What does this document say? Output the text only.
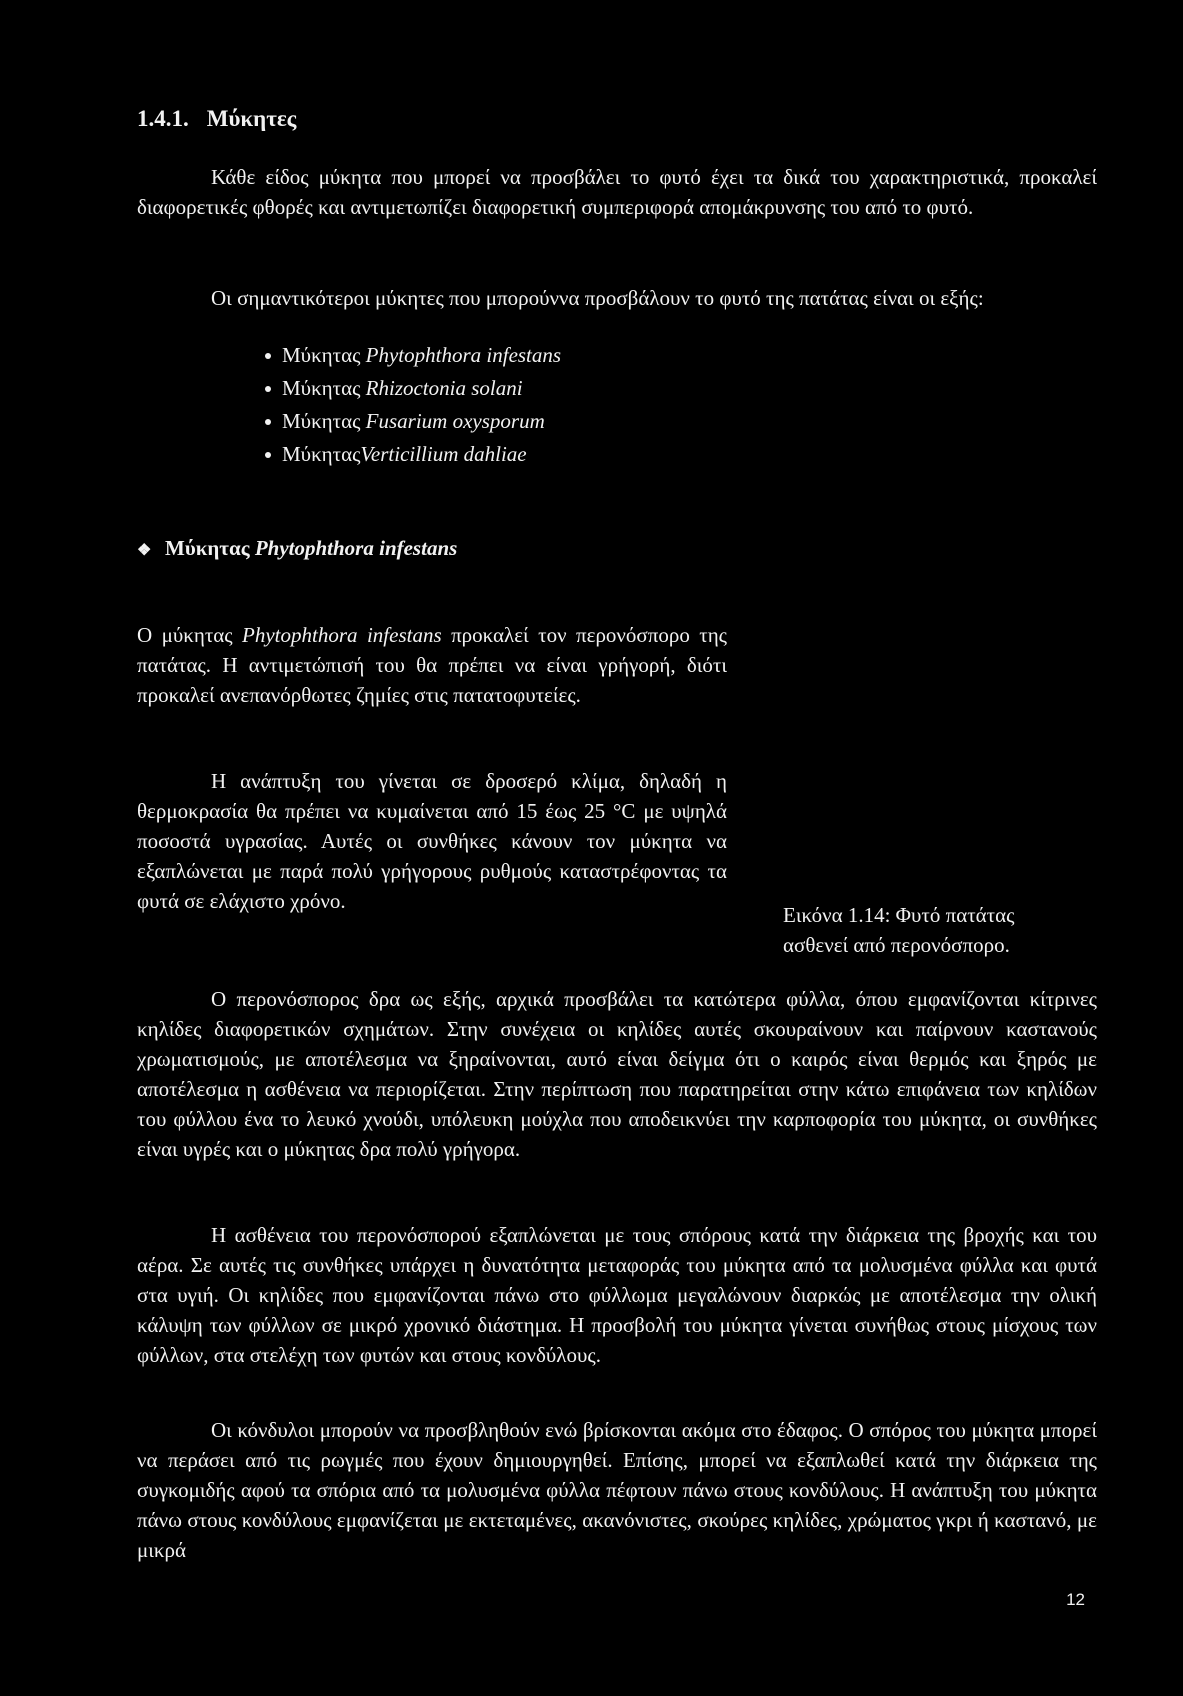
1.4.1. Μύκητες

Κάθε είδος μύκητα που μπορεί να προσβάλει το φυτό έχει τα δικά του χαρακτηριστικά, προκαλεί διαφορετικές φθορές και αντιμετωπίζει διαφορετική συμπεριφορά απομάκρυνσης του από το φυτό.

Οι σημαντικότεροι μύκητες που μπορούννα προσβάλουν το φυτό της πατάτας είναι οι εξής:

Μύκητας Phytophthora infestans
Μύκητας Rhizoctonia solani
Μύκητας Fusarium oxysporum
ΜύκηταςVerticillium dahliae
❖ Μύκητας Phytophthora infestans

Ο μύκητας Phytophthora infestans προκαλεί τον περονόσπορο της πατάτας. Η αντιμετώπισή του θα πρέπει να είναι γρήγορή, διότι προκαλεί ανεπανόρθωτες ζημίες στις πατατοφυτείες.

Η ανάπτυξη του γίνεται σε δροσερό κλίμα, δηλαδή η θερμοκρασία θα πρέπει να κυμαίνεται από 15 έως 25 °C με υψηλά ποσοστά υγρασίας. Αυτές οι συνθήκες κάνουν τον μύκητα να εξαπλώνεται με παρά πολύ γρήγορους ρυθμούς καταστρέφοντας τα φυτά σε ελάχιστο χρόνο.

Εικόνα 1.14: Φυτό πατάτας ασθενεί από περονόσπορο.

Ο περονόσπορος δρα ως εξής, αρχικά προσβάλει τα κατώτερα φύλλα, όπου εμφανίζονται κίτρινες κηλίδες διαφορετικών σχημάτων. Στην συνέχεια οι κηλίδες αυτές σκουραίνουν και παίρνουν καστανούς χρωματισμούς, με αποτέλεσμα να ξηραίνονται, αυτό είναι δείγμα ότι ο καιρός είναι θερμός και ξηρός με αποτέλεσμα η ασθένεια να περιορίζεται. Στην περίπτωση που παρατηρείται στην κάτω επιφάνεια των κηλίδων του φύλλου ένα το λευκό χνούδι, υπόλευκη μούχλα που αποδεικνύει την καρποφορία του μύκητα, οι συνθήκες είναι υγρές και ο μύκητας δρα πολύ γρήγορα.

Η ασθένεια του περονόσπορού εξαπλώνεται με τους σπόρους κατά την διάρκεια της βροχής και του αέρα. Σε αυτές τις συνθήκες υπάρχει η δυνατότητα μεταφοράς του μύκητα από τα μολυσμένα φύλλα και φυτά στα υγιή. Οι κηλίδες που εμφανίζονται πάνω στο φύλλωμα μεγαλώνουν διαρκώς με αποτέλεσμα την ολική κάλυψη των φύλλων σε μικρό χρονικό διάστημα. Η προσβολή του μύκητα γίνεται συνήθως στους μίσχους των φύλλων, στα στελέχη των φυτών και στους κονδύλους.

Οι κόνδυλοι μπορούν να προσβληθούν ενώ βρίσκονται ακόμα στο έδαφος. Ο σπόρος του μύκητα μπορεί να περάσει από τις ρωγμές που έχουν δημιουργηθεί. Επίσης, μπορεί να εξαπλωθεί κατά την διάρκεια της συγκομιδής αφού τα σπόρια από τα μολυσμένα φύλλα πέφτουν πάνω στους κονδύλους. Η ανάπτυξη του μύκητα πάνω στους κονδύλους εμφανίζεται με εκτεταμένες, ακανόνιστες, σκούρες κηλίδες, χρώματος γκρι ή καστανό, με μικρά

12
